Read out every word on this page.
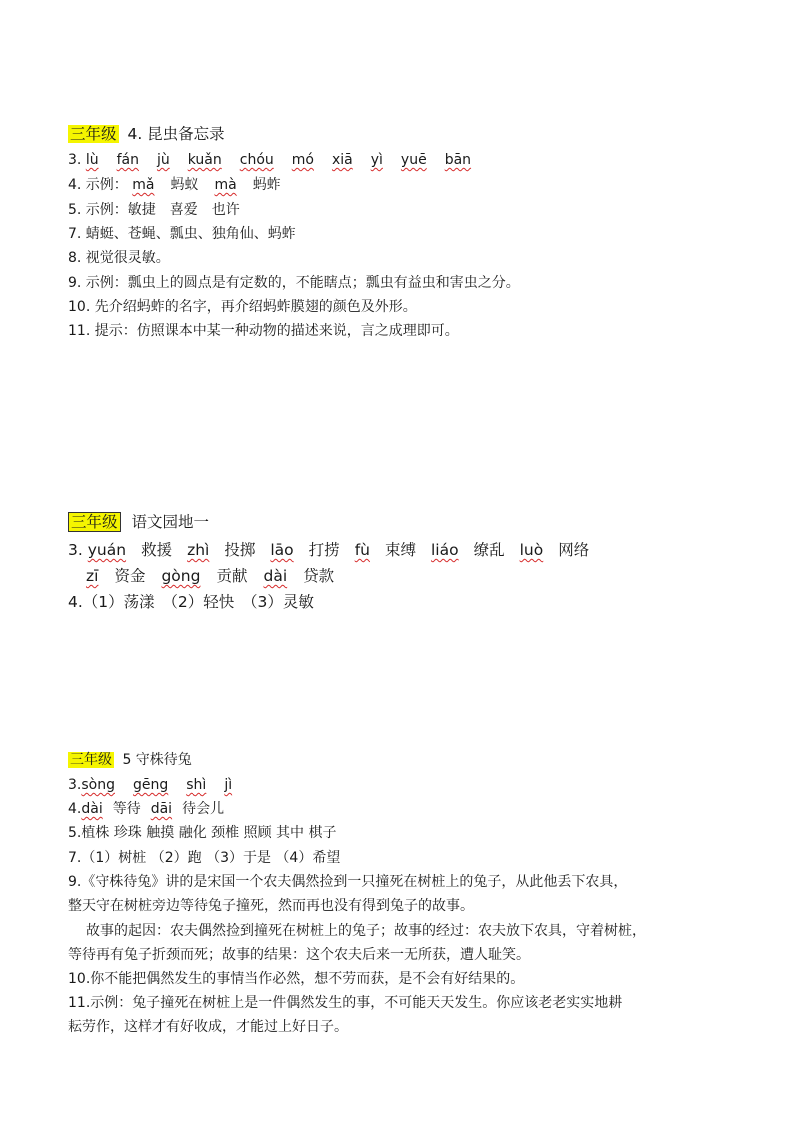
三年级 4. 昆虫备忘录
3. lù fán jù kuǎn chóu mó xiā yì yuē bān
4. 示例： mǎ 蚂蚁 mà 蚂蚱
5. 示例：敏捷　喜爱　也许
7. 蜻蜓、苍蝇、瓢虫、独角仙、蚂蚱
8. 视觉很灵敏。
9. 示例：瓢虫上的圆点是有定数的，不能瞎点；瓢虫有益虫和害虫之分。
10. 先介绍蚂蚱的名字，再介绍蚂蚱膜翅的颜色及外形。
11. 提示：仿照课本中某一种动物的描述来说，言之成理即可。
三年级 语文园地一
3. yuán 救援 zhì 投掷 lāo 打捞 fù 束缚 liáo 缭乱 luò 网络
zī 资金 gòng 贡献 dài 贷款
4.（1）荡漾　（2）轻快　（3）灵敏
三年级 5 守株待兔
3.sòng gēng shì jì
4.dài 等待 dāi 待会儿
5.植株 珍珠 触摸 融化 颈椎 照顾 其中 棋子
7.（1）树桩 （2）跑 （3）于是 （4）希望
9.《守株待兔》讲的是宋国一个农夫偶然捡到一只撞死在树桩上的兔子，从此他丢下农具，
整天守在树桩旁边等待兔子撞死，然而再也没有得到兔子的故事。
故事的起因：农夫偶然捡到撞死在树桩上的兔子；故事的经过：农夫放下农具，守着树桩，
等待再有兔子折颈而死；故事的结果：这个农夫后来一无所获，遭人耻笑。
10.你不能把偶然发生的事情当作必然，想不劳而获，是不会有好结果的。
11.示例：兔子撞死在树桩上是一件偶然发生的事，不可能天天发生。你应该老老实实地耕
耘劳作，这样才有好收成，才能过上好日子。
